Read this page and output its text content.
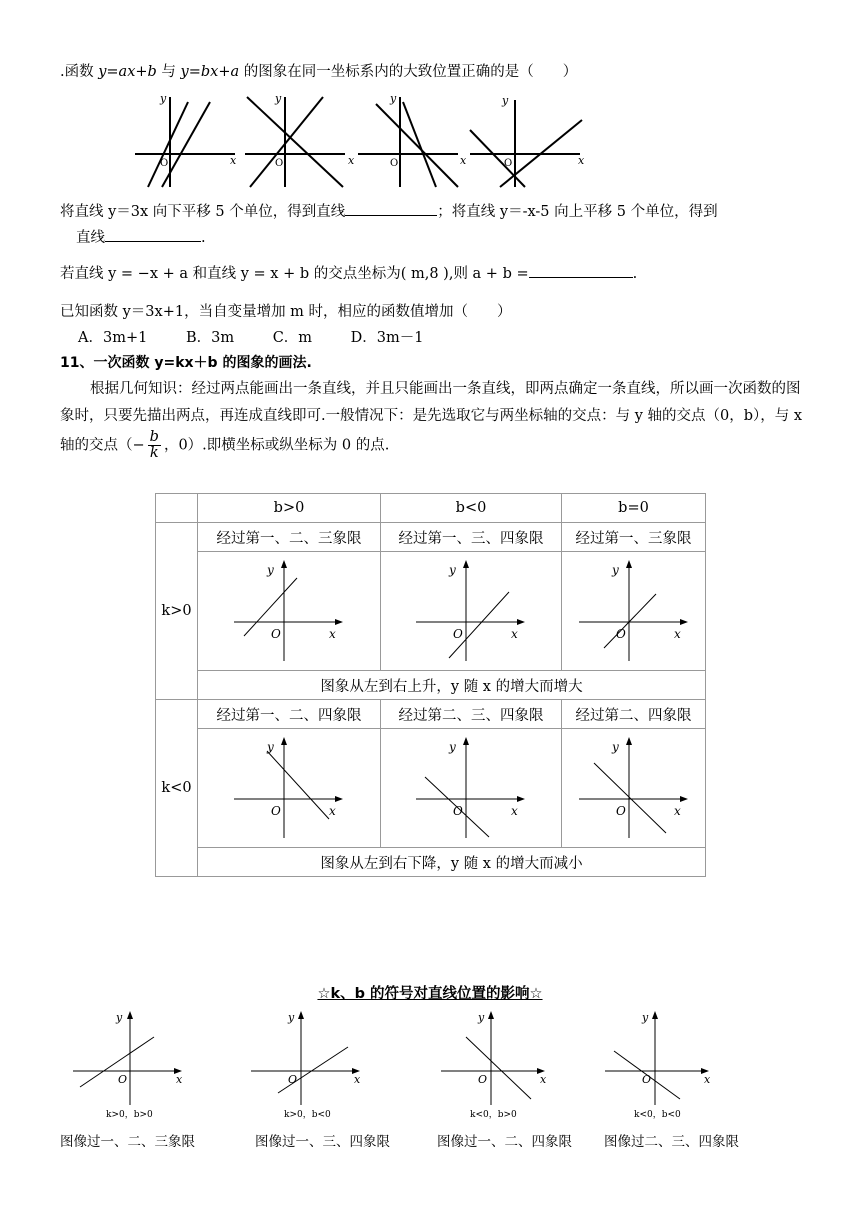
.函数 y=ax+b 与 y=bx+a 的图象在同一坐标系内的大致位置正确的是（　　）
y
x
O
y
x
O
y
x
O
y
x
O
将直线 y＝3x 向下平移 5 个单位，得到直线	；将直线 y＝-x-5 向上平移 5 个单位，得到
直线	.
若直线 y = −x + a 和直线 y = x + b 的交点坐标为( m,8 ),则 a + b =	.
已知函数 y＝3x+1，当自变量增加 m 时，相应的函数值增加（　　）
A．3m+1	B．3m	C．m	D．3m－1
11、一次函数 y=kx＋b 的图象的画法.
根据几何知识：经过两点能画出一条直线，并且只能画出一条直线，即两点确定一条直线，所以画一次函数的图象时，只要先描出两点，再连成直线即可.一般情况下：是先选取它与两坐标轴的交点：与 y 轴的交点（0，b），与 x 轴的交点（− $\frac{b}{k}$ ，0）.即横坐标或纵坐标为 0 的点.
	b>0	b<0	b=0
k>0	经过第一、二、三象限	经过第一、三、四象限	经过第一、三象限

y
x
O	y
x
O	y
x
O

	图象从左到右上升，y 随 x 的增大而增大		
k<0	经过第一、二、四象限	经过第二、三、四象限	经过第二、四象限

y
x
O	y
x
O	y
x
O

	图象从左到右下降，y 随 x 的增大而减小		
☆k、b 的符号对直线位置的影响☆
y
x
O
k>0，b>0
y
x
O
k>0，b<0
y
x
O
k<0，b>0
y
x
O
k<0，b<0
图像过一、二、三象限	图像过一、三、四象限	图像过一、二、四象限 图像过二、三、四象限
